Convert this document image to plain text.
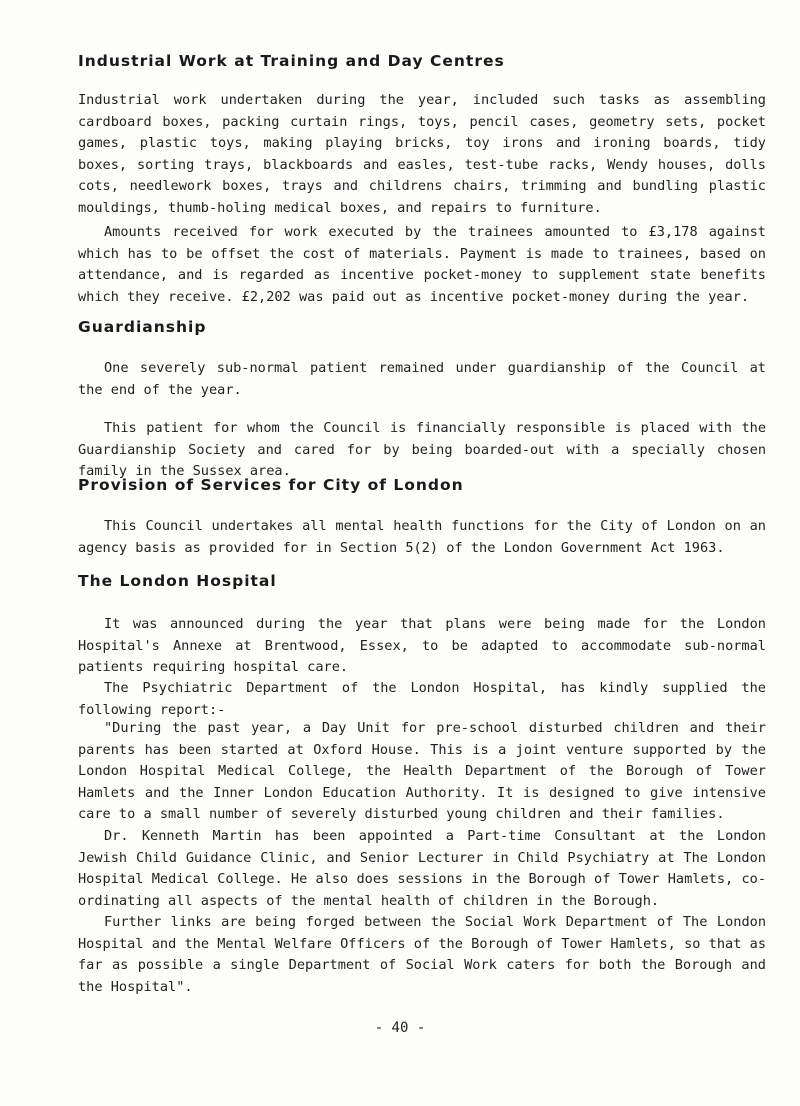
Industrial Work at Training and Day Centres

Industrial work undertaken during the year, included such tasks as assembling cardboard boxes, packing curtain rings, toys, pencil cases, geometry sets, pocket games, plastic toys, making playing bricks, toy irons and ironing boards, tidy boxes, sorting trays, blackboards and easles, test-tube racks, Wendy houses, dolls cots, needlework boxes, trays and childrens chairs, trimming and bundling plastic mouldings, thumb-holing medical boxes, and repairs to furniture.

Amounts received for work executed by the trainees amounted to £3,178 against which has to be offset the cost of materials. Payment is made to trainees, based on attendance, and is regarded as incentive pocket-money to supplement state benefits which they receive. £2,202 was paid out as incentive pocket-money during the year.

Guardianship

One severely sub-normal patient remained under guardianship of the Council at the end of the year.

This patient for whom the Council is financially responsible is placed with the Guardianship Society and cared for by being boarded-out with a specially chosen family in the Sussex area.

Provision of Services for City of London

This Council undertakes all mental health functions for the City of London on an agency basis as provided for in Section 5(2) of the London Government Act 1963.

The London Hospital

It was announced during the year that plans were being made for the London Hospital's Annexe at Brentwood, Essex, to be adapted to accommodate sub-normal patients requiring hospital care.

The Psychiatric Department of the London Hospital, has kindly supplied the following report:-

"During the past year, a Day Unit for pre-school disturbed children and their parents has been started at Oxford House. This is a joint venture supported by the London Hospital Medical College, the Health Department of the Borough of Tower Hamlets and the Inner London Education Authority. It is designed to give intensive care to a small number of severely disturbed young children and their families.

Dr. Kenneth Martin has been appointed a Part-time Consultant at the London Jewish Child Guidance Clinic, and Senior Lecturer in Child Psychiatry at The London Hospital Medical College. He also does sessions in the Borough of Tower Hamlets, co-ordinating all aspects of the mental health of children in the Borough.

Further links are being forged between the Social Work Department of The London Hospital and the Mental Welfare Officers of the Borough of Tower Hamlets, so that as far as possible a single Department of Social Work caters for both the Borough and the Hospital".

- 40 -
